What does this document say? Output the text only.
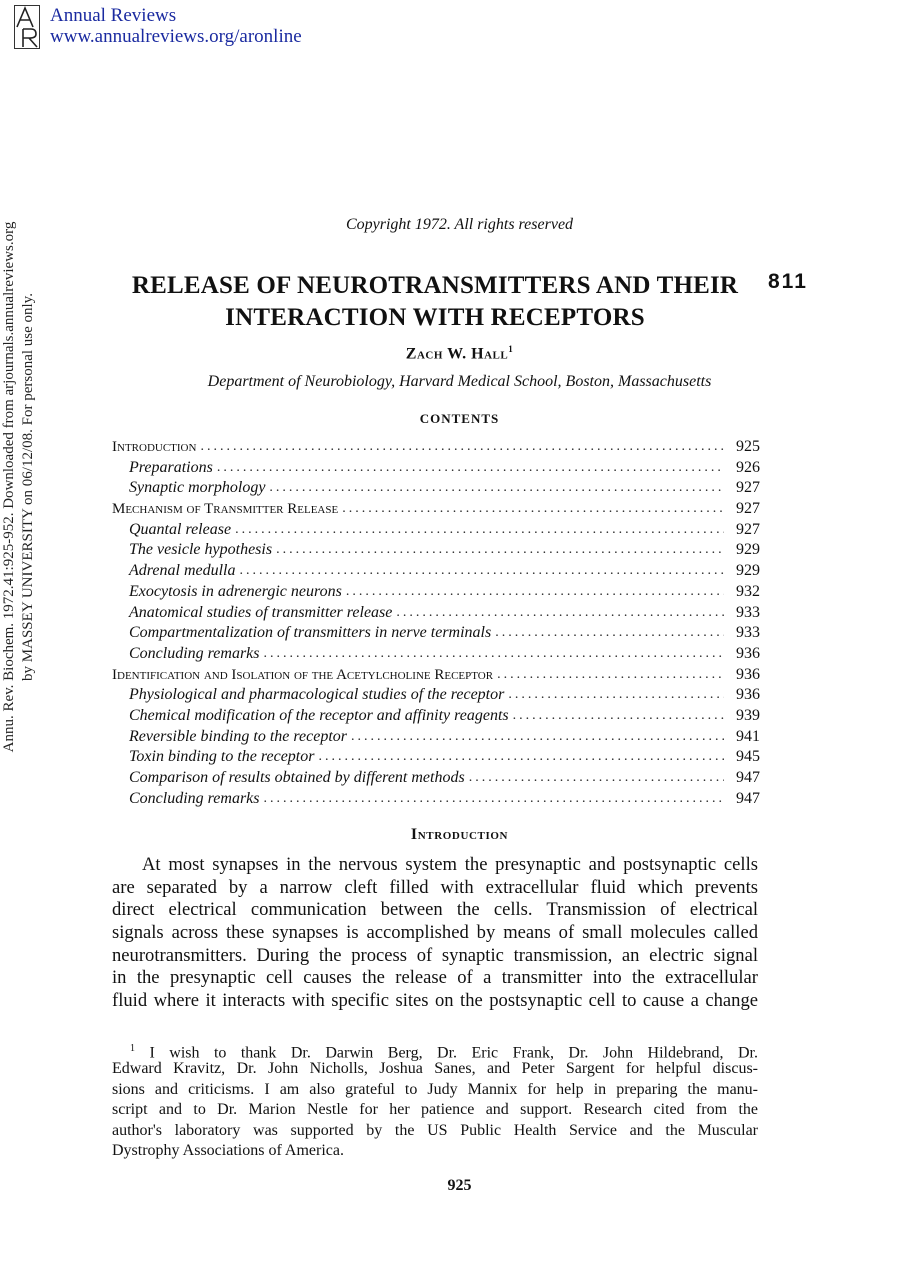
Annual Reviews
www.annualreviews.org/aronline
Annu. Rev. Biochem. 1972.41:925-952. Downloaded from arjournals.annualreviews.org by MASSEY UNIVERSITY on 06/12/08. For personal use only.
Copyright 1972. All rights reserved
RELEASE OF NEUROTRANSMITTERS AND THEIR
INTERACTION WITH RECEPTORS
811
Zach W. Hall$^1$
Department of Neurobiology, Harvard Medical School, Boston, Massachusetts
CONTENTS
Introduction .....	925
Preparations .....	926
Synaptic morphology .....	927
Mechanism of Transmitter Release .....	927
Quantal release .....	927
The vesicle hypothesis .....	929
Adrenal medulla .....	929
Exocytosis in adrenergic neurons .....	932
Anatomical studies of transmitter release .....	933
Compartmentalization of transmitters in nerve terminals .....	933
Concluding remarks .....	936
Identification and Isolation of the Acetylcholine Receptor .....	936
Physiological and pharmacological studies of the receptor .....	936
Chemical modification of the receptor and affinity reagents .....	939
Reversible binding to the receptor .....	941
Toxin binding to the receptor .....	945
Comparison of results obtained by different methods .....	947
Concluding remarks .....	947
Introduction
At most synapses in the nervous system the presynaptic and postsynaptic cells
are separated by a narrow cleft filled with extracellular fluid which prevents
direct electrical communication between the cells. Transmission of electrical
signals across these synapses is accomplished by means of small molecules called
neurotransmitters. During the process of synaptic transmission, an electric signal
in the presynaptic cell causes the release of a transmitter into the extracellular
fluid where it interacts with specific sites on the postsynaptic cell to cause a change
$^1$ I wish to thank Dr. Darwin Berg, Dr. Eric Frank, Dr. John Hildebrand, Dr.
Edward Kravitz, Dr. John Nicholls, Joshua Sanes, and Peter Sargent for helpful discus-
sions and criticisms. I am also grateful to Judy Mannix for help in preparing the manu-
script and to Dr. Marion Nestle for her patience and support. Research cited from the
author's laboratory was supported by the US Public Health Service and the Muscular
Dystrophy Associations of America.
925
